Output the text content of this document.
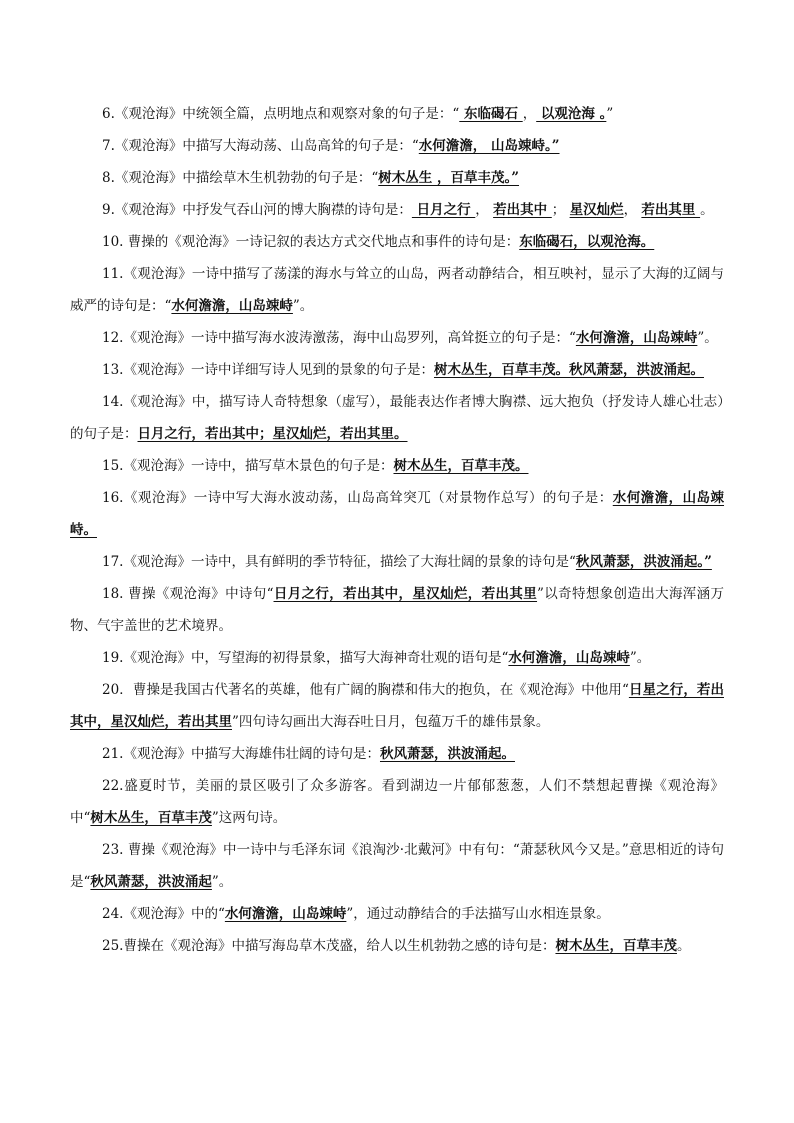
6.《观沧海》中统领全篇，点明地点和观察对象的句子是：“ 东临碣石 ， 以观沧海 。”

7.《观沧海》中描写大海动荡、山岛高耸的句子是：“水何澹澹， 山岛竦峙。”

8.《观沧海》中描绘草木生机勃勃的句子是：“树木丛生 ，百草丰茂。”

9.《观沧海》中抒发气吞山河的博大胸襟的诗句是： 日月之行 ， 若出其中 ； 星汉灿烂， 若出其里 。

10. 曹操的《观沧海》一诗记叙的表达方式交代地点和事件的诗句是：东临碣石，以观沧海。

11.《观沧海》一诗中描写了荡漾的海水与耸立的山岛，两者动静结合，相互映衬，显示了大海的辽阔与威严的诗句是：“水何澹澹，山岛竦峙”。

12.《观沧海》一诗中描写海水波涛激荡，海中山岛罗列，高耸挺立的句子是：“水何澹澹，山岛竦峙”。

13.《观沧海》一诗中详细写诗人见到的景象的句子是：树木丛生，百草丰茂。秋风萧瑟，洪波涌起。

14.《观沧海》中，描写诗人奇特想象（虚写），最能表达作者博大胸襟、远大抱负（抒发诗人雄心壮志）的句子是：日月之行，若出其中；星汉灿烂，若出其里。

15.《观沧海》一诗中，描写草木景色的句子是：树木丛生，百草丰茂。

16.《观沧海》一诗中写大海水波动荡，山岛高耸突兀（对景物作总写）的句子是：水何澹澹，山岛竦峙。

17.《观沧海》一诗中，具有鲜明的季节特征，描绘了大海壮阔的景象的诗句是“秋风萧瑟，洪波涌起。”

18. 曹操《观沧海》中诗句“日月之行，若出其中，星汉灿烂，若出其里”以奇特想象创造出大海浑涵万物、气宇盖世的艺术境界。

19.《观沧海》中，写望海的初得景象，描写大海神奇壮观的语句是“水何澹澹，山岛竦峙”。

20．曹操是我国古代著名的英雄，他有广阔的胸襟和伟大的抱负，在《观沧海》中他用“日星之行，若出其中，星汉灿烂，若出其里”四句诗勾画出大海吞吐日月，包蕴万千的雄伟景象。

21.《观沧海》中描写大海雄伟壮阔的诗句是：秋风萧瑟，洪波涌起。

22.盛夏时节，美丽的景区吸引了众多游客。看到湖边一片郁郁葱葱，人们不禁想起曹操《观沧海》中“树木丛生，百草丰茂”这两句诗。

23. 曹操《观沧海》中一诗中与毛泽东词《浪淘沙·北戴河》中有句：“萧瑟秋风今又是。”意思相近的诗句是“秋风萧瑟，洪波涌起”。

24.《观沧海》中的“水何澹澹，山岛竦峙”，通过动静结合的手法描写山水相连景象。

25.曹操在《观沧海》中描写海岛草木茂盛，给人以生机勃勃之感的诗句是：树木丛生，百草丰茂。
